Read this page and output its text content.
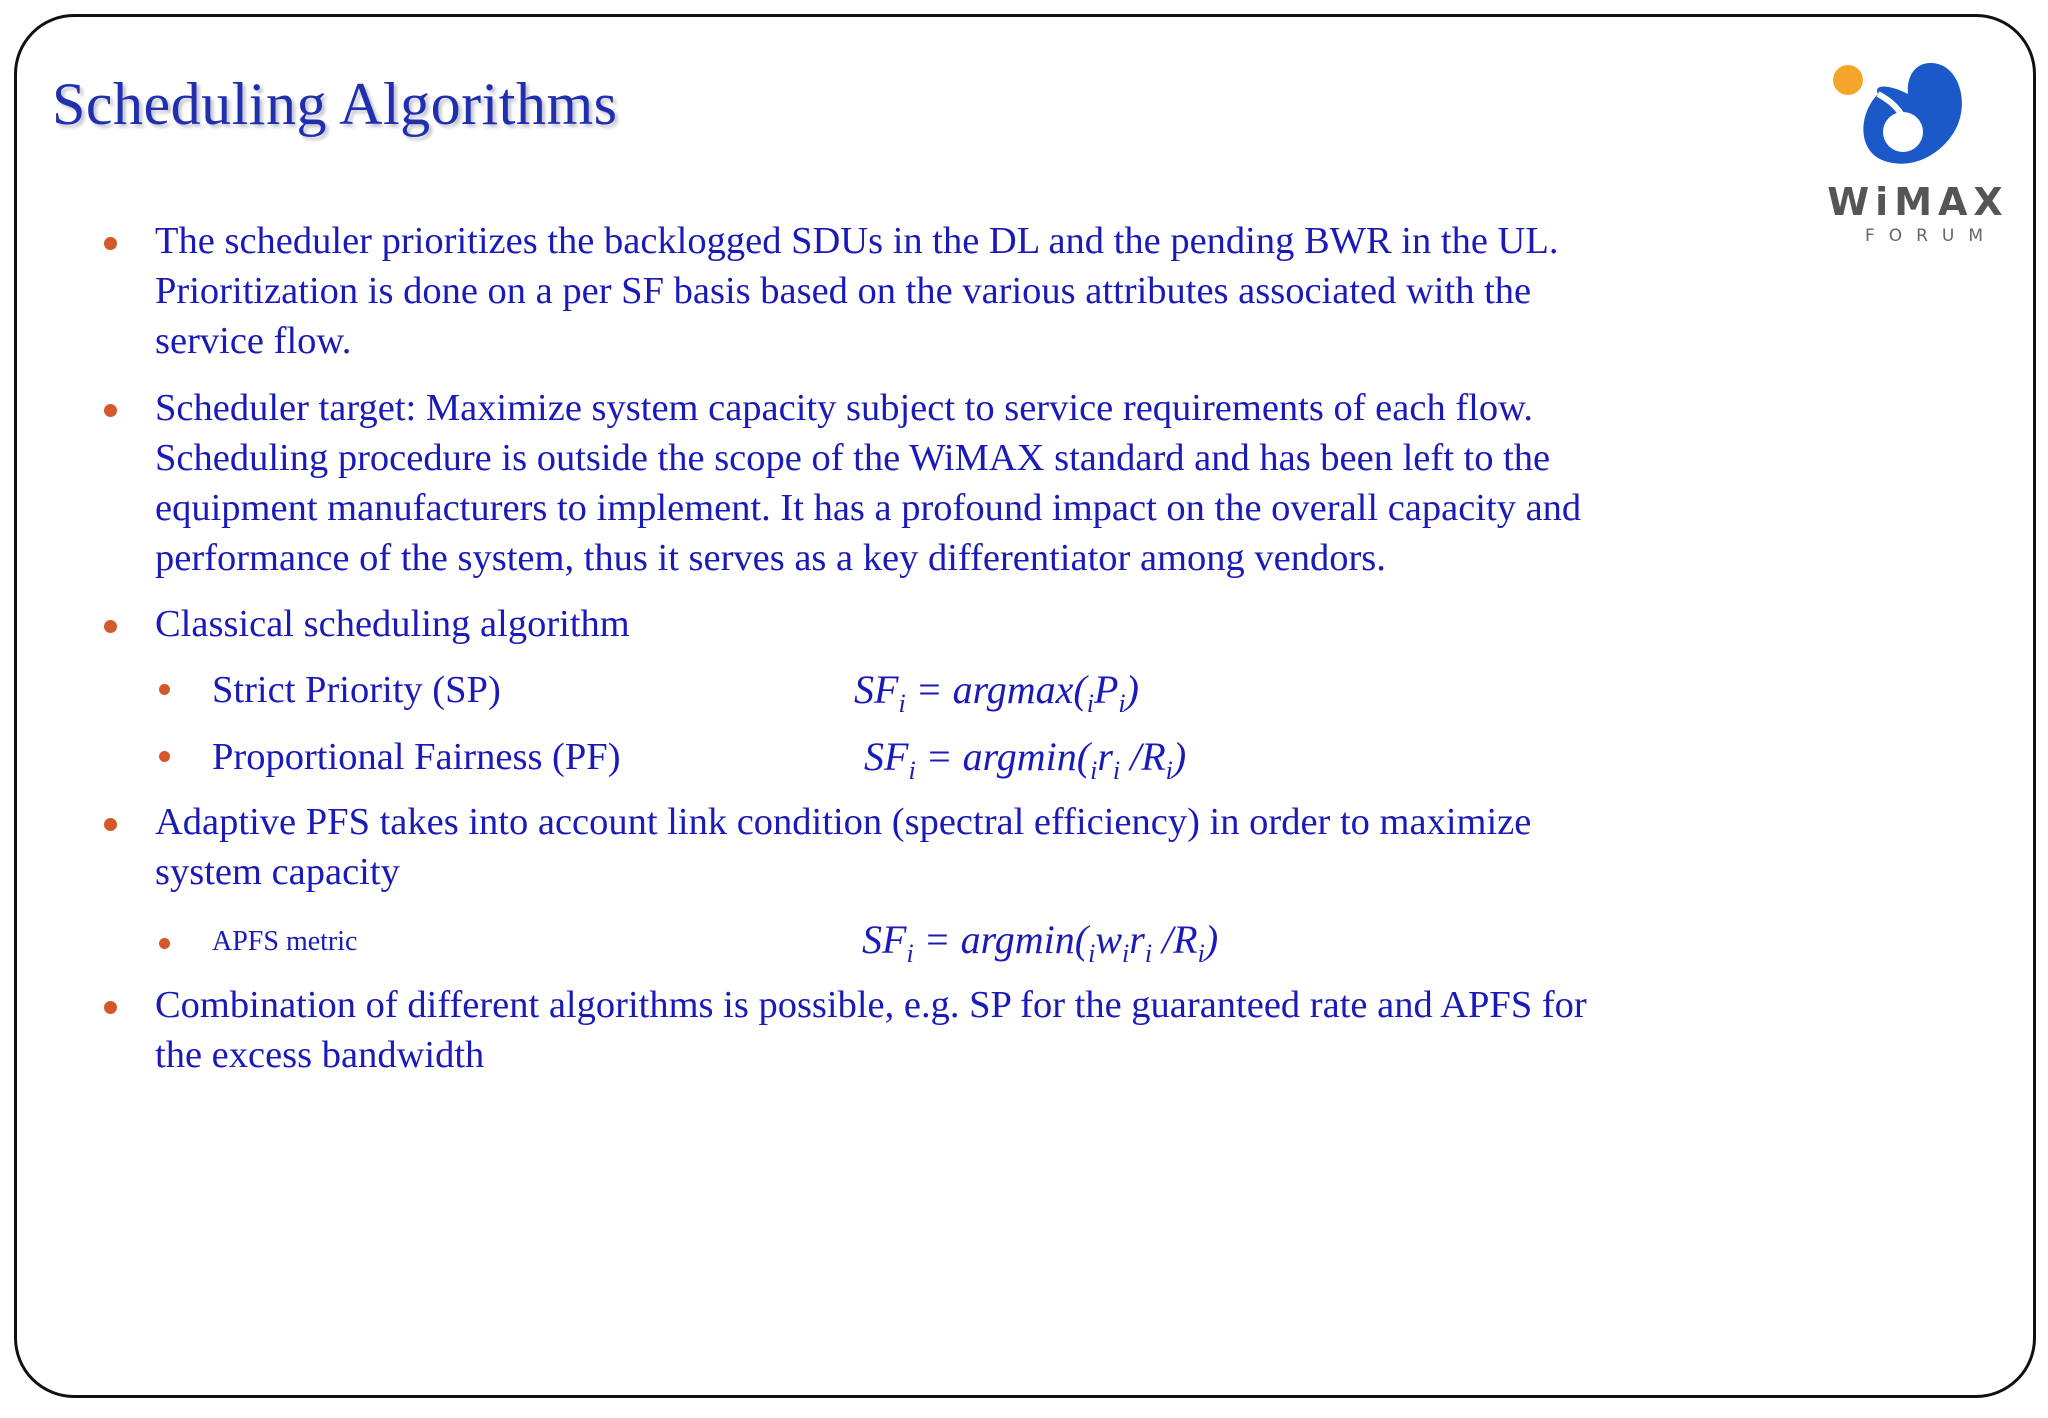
Scheduling Algorithms
WiMAX
FORUM
The scheduler prioritizes the backlogged SDUs in the DL and the pending BWR in the UL.
Prioritization is done on a per SF basis based on the various attributes associated with the
service flow.
Scheduler target: Maximize system capacity subject to service requirements of each flow.
Scheduling procedure is outside the scope of the WiMAX standard and has been left to the
equipment manufacturers to implement. It has a profound impact on the overall capacity and
performance of the system, thus it serves as a key differentiator among vendors.
Classical scheduling algorithm
Strict Priority (SP)	$SF_i = argmax(_iP_i)$
Proportional Fairness (PF)	$SF_i = argmin(_ir_i$ $/R_i$)
Adaptive PFS takes into account link condition (spectral efficiency) in order to maximize
system capacity
APFS metric	$SF_i = argmin(_iw_ir_i$ $/R_i$)
Combination of different algorithms is possible, e.g. SP for the guaranteed rate and APFS for
the excess bandwidth
